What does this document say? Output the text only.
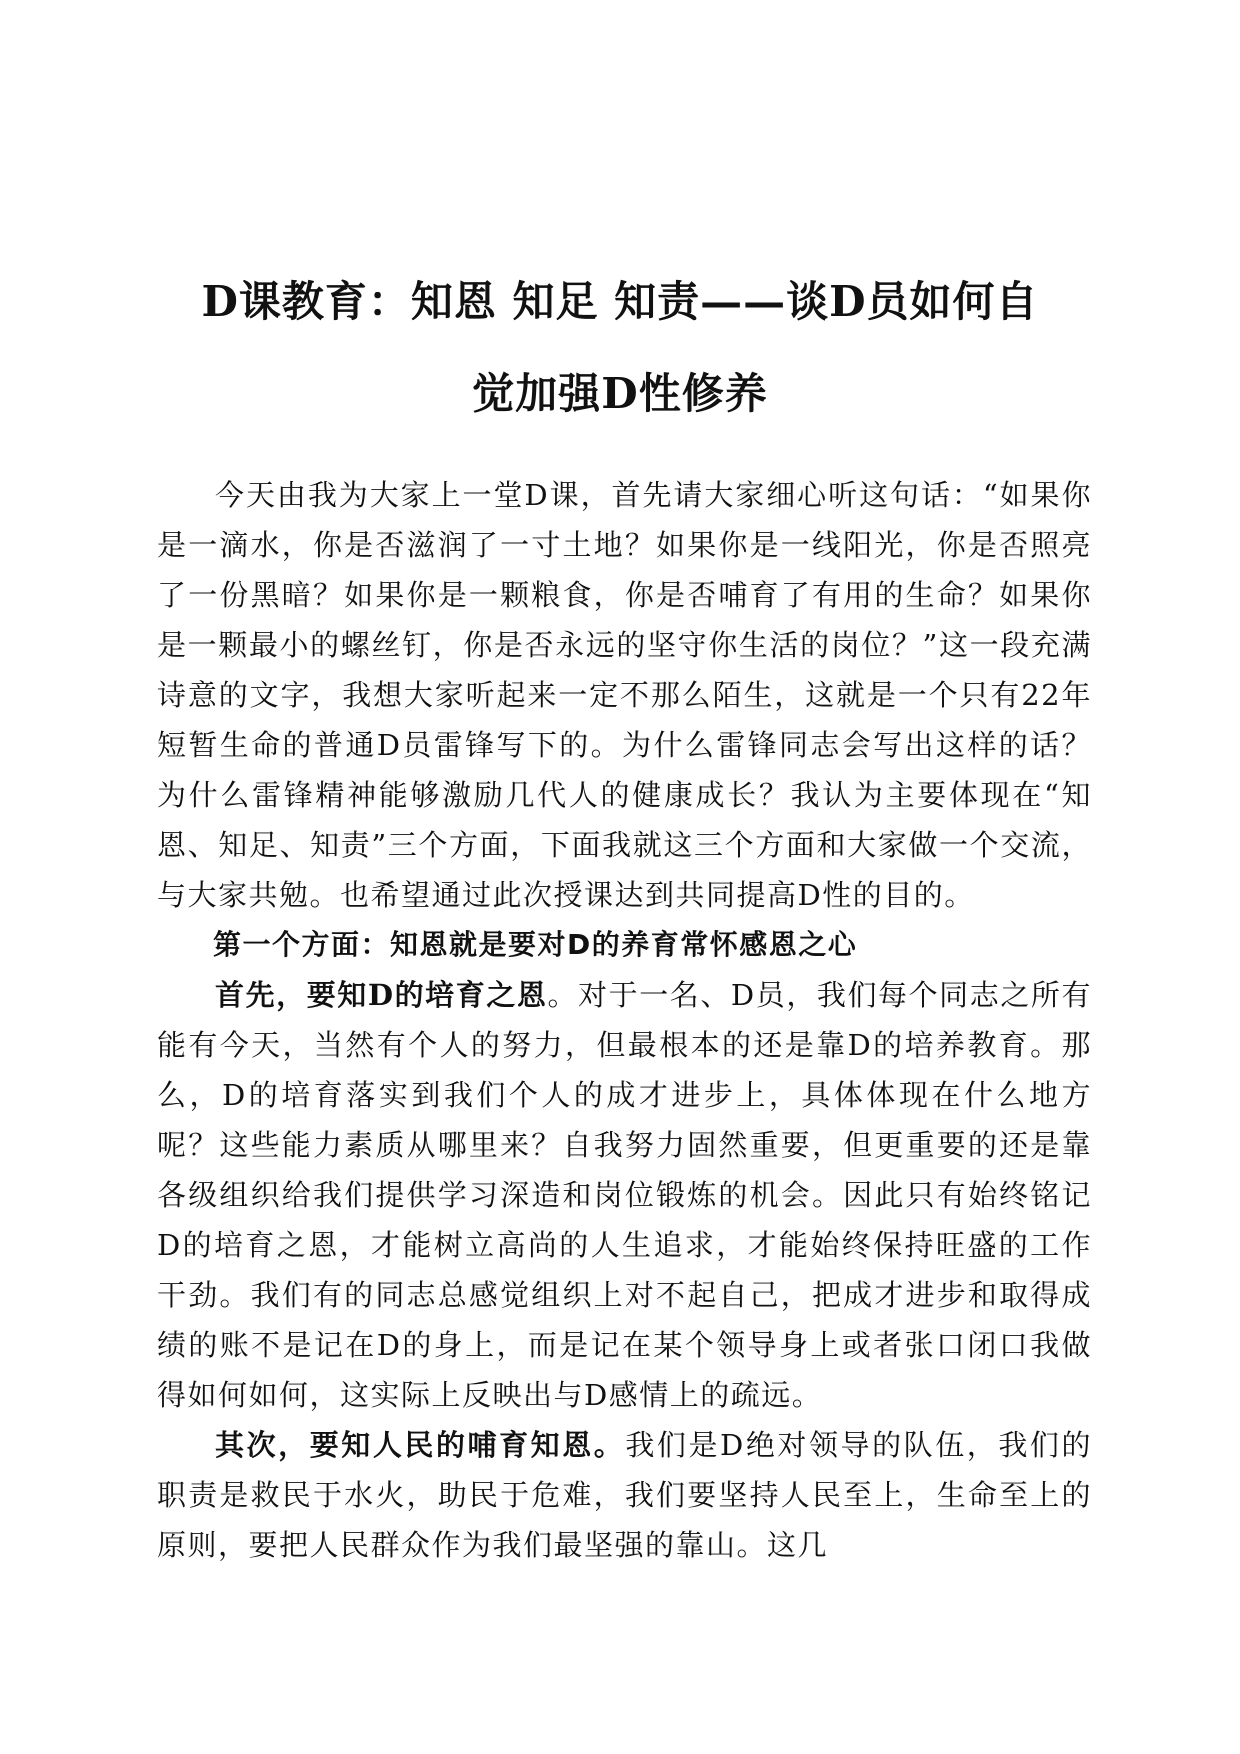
D课教育：知恩 知足 知责——谈D员如何自
觉加强D性修养

今天由我为大家上一堂D课，首先请大家细心听这句话：“如果你是一滴水，你是否滋润了一寸土地？如果你是一线阳光，你是否照亮了一份黑暗？如果你是一颗粮食，你是否哺育了有用的生命？如果你是一颗最小的螺丝钉，你是否永远的坚守你生活的岗位？”这一段充满诗意的文字，我想大家听起来一定不那么陌生，这就是一个只有22年短暂生命的普通D员雷锋写下的。为什么雷锋同志会写出这样的话？为什么雷锋精神能够激励几代人的健康成长？我认为主要体现在“知恩、知足、知责”三个方面，下面我就这三个方面和大家做一个交流，与大家共勉。也希望通过此次授课达到共同提高D性的目的。

第一个方面：知恩就是要对D的养育常怀感恩之心

首先，要知D的培育之恩。对于一名、D员，我们每个同志之所有能有今天，当然有个人的努力，但最根本的还是靠D的培养教育。那么，D的培育落实到我们个人的成才进步上，具体体现在什么地方呢？这些能力素质从哪里来？自我努力固然重要，但更重要的还是靠各级组织给我们提供学习深造和岗位锻炼的机会。因此只有始终铭记D的培育之恩，才能树立高尚的人生追求，才能始终保持旺盛的工作干劲。我们有的同志总感觉组织上对不起自己，把成才进步和取得成绩的账不是记在D的身上，而是记在某个领导身上或者张口闭口我做得如何如何，这实际上反映出与D感情上的疏远。

其次，要知人民的哺育知恩。我们是D绝对领导的队伍，我们的职责是救民于水火，助民于危难，我们要坚持人民至上，生命至上的原则，要把人民群众作为我们最坚强的靠山。这几
